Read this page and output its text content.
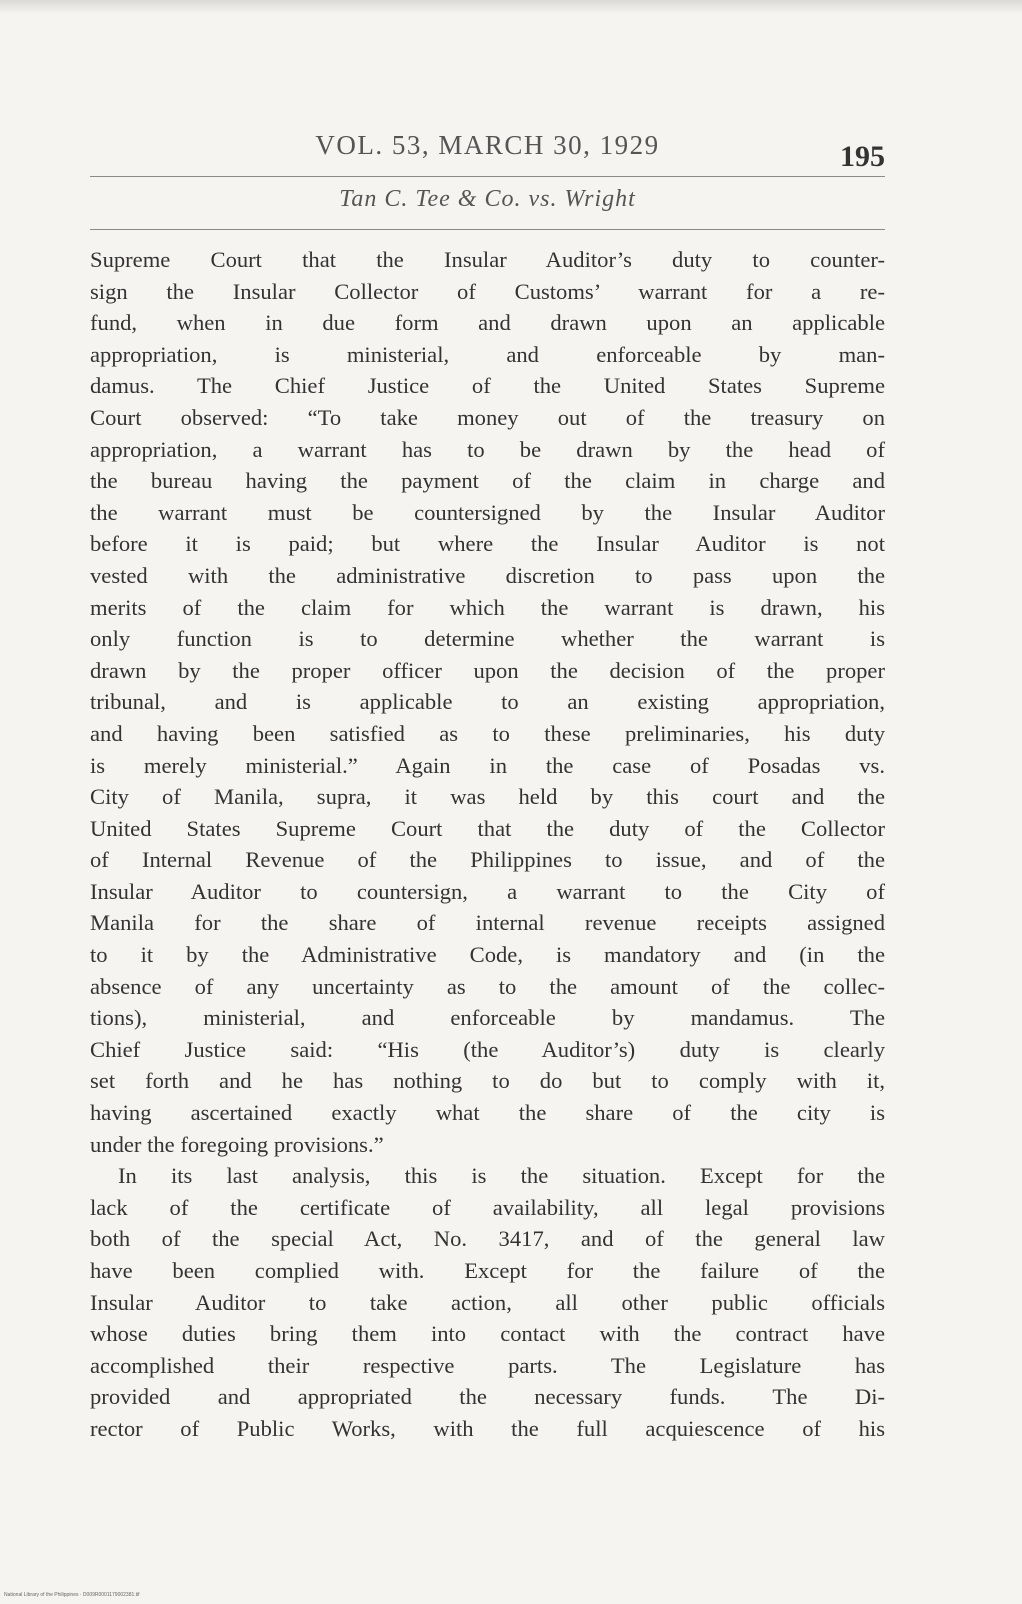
VOL. 53, MARCH 30, 1929	195
Tan C. Tee & Co. vs. Wright

Supreme Court that the Insular Auditor’s duty to counter-

sign the Insular Collector of Customs’ warrant for a re-

fund, when in due form and drawn upon an applicable

appropriation, is ministerial, and enforceable by man-

damus. The Chief Justice of the United States Supreme

Court observed: “To take money out of the treasury on

appropriation, a warrant has to be drawn by the head of

the bureau having the payment of the claim in charge and

the warrant must be countersigned by the Insular Auditor

before it is paid; but where the Insular Auditor is not

vested with the administrative discretion to pass upon the

merits of the claim for which the warrant is drawn, his

only function is to determine whether the warrant is

drawn by the proper officer upon the decision of the proper

tribunal, and is applicable to an existing appropriation,

and having been satisfied as to these preliminaries, his duty

is merely ministerial.” Again in the case of Posadas vs.

City of Manila, supra, it was held by this court and the

United States Supreme Court that the duty of the Collector

of Internal Revenue of the Philippines to issue, and of the

Insular Auditor to countersign, a warrant to the City of

Manila for the share of internal revenue receipts assigned

to it by the Administrative Code, is mandatory and (in the

absence of any uncertainty as to the amount of the collec-

tions), ministerial, and enforceable by mandamus. The

Chief Justice said: “His (the Auditor’s) duty is clearly

set forth and he has nothing to do but to comply with it,

having ascertained exactly what the share of the city is

under the foregoing provisions.”

In its last analysis, this is the situation. Except for the

lack of the certificate of availability, all legal provisions

both of the special Act, No. 3417, and of the general law

have been complied with. Except for the failure of the

Insular Auditor to take action, all other public officials

whose duties bring them into contact with the contract have

accomplished their respective parts. The Legislature has

provided and appropriated the necessary funds. The Di-

rector of Public Works, with the full acquiescence of his

National Library of the Philippines · D009R0001179002381.tif
